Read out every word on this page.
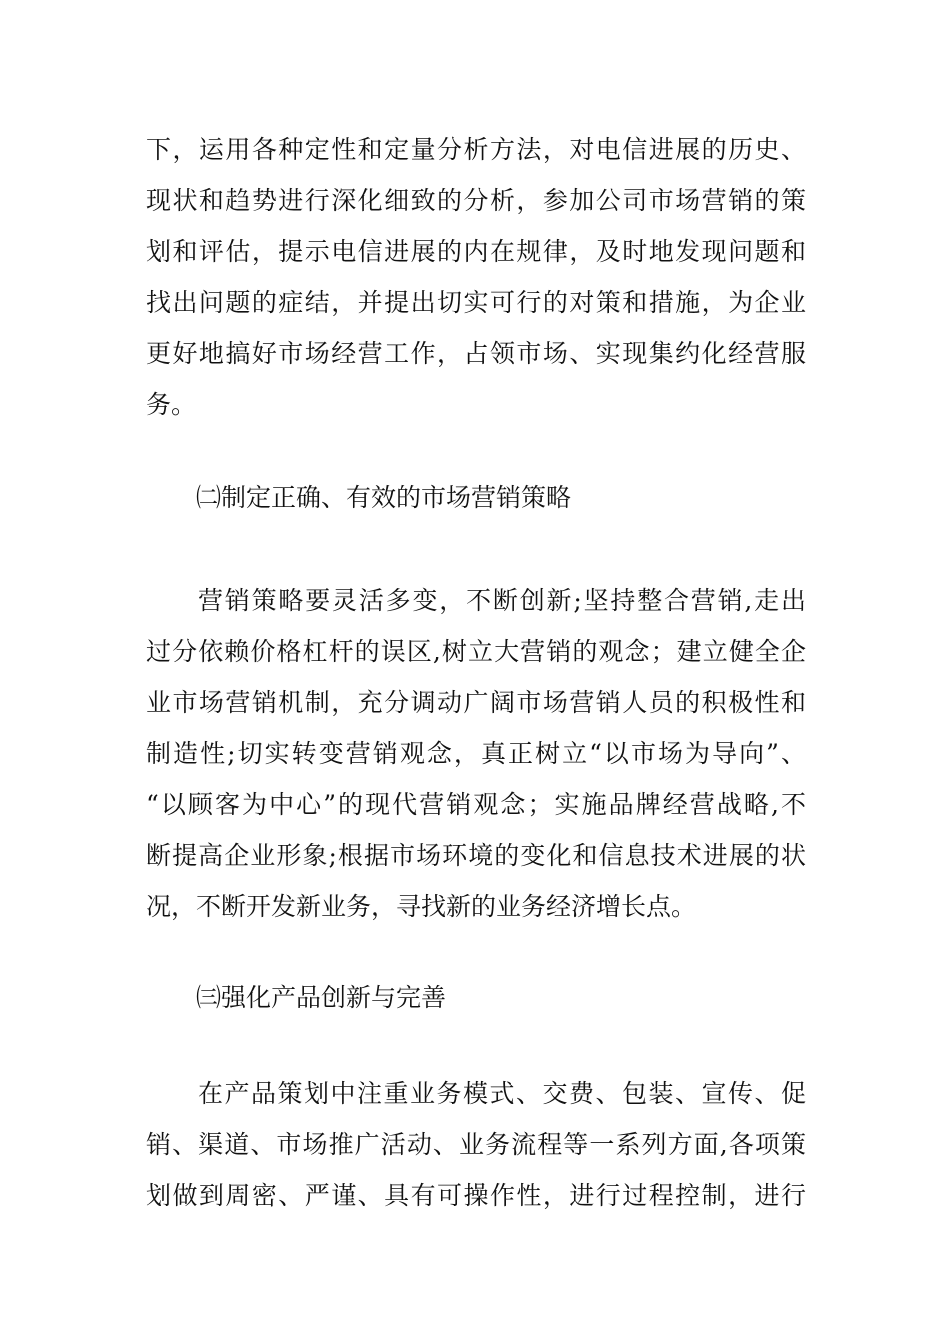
下，运用各种定性和定量分析方法，对电信进展的历史、
现状和趋势进行深化细致的分析，参加公司市场营销的策
划和评估，提示电信进展的内在规律，及时地发现问题和
找出问题的症结，并提出切实可行的对策和措施，为企业
更好地搞好市场经营工作，占领市场、实现集约化经营服
务。
㈡制定正确、有效的市场营销策略
营销策略要灵活多变，不断创新;坚持整合营销,走出
过分依赖价格杠杆的误区,树立大营销的观念；建立健全企
业市场营销机制，充分调动广阔市场营销人员的积极性和
制造性;切实转变营销观念，真正树立“以市场为导向”、
“以顾客为中心”的现代营销观念；实施品牌经营战略,不
断提高企业形象;根据市场环境的变化和信息技术进展的状
况，不断开发新业务，寻找新的业务经济增长点。
㈢强化产品创新与完善
在产品策划中注重业务模式、交费、包装、宣传、促
销、渠道、市场推广活动、业务流程等一系列方面,各项策
划做到周密、严谨、具有可操作性，进行过程控制，进行
